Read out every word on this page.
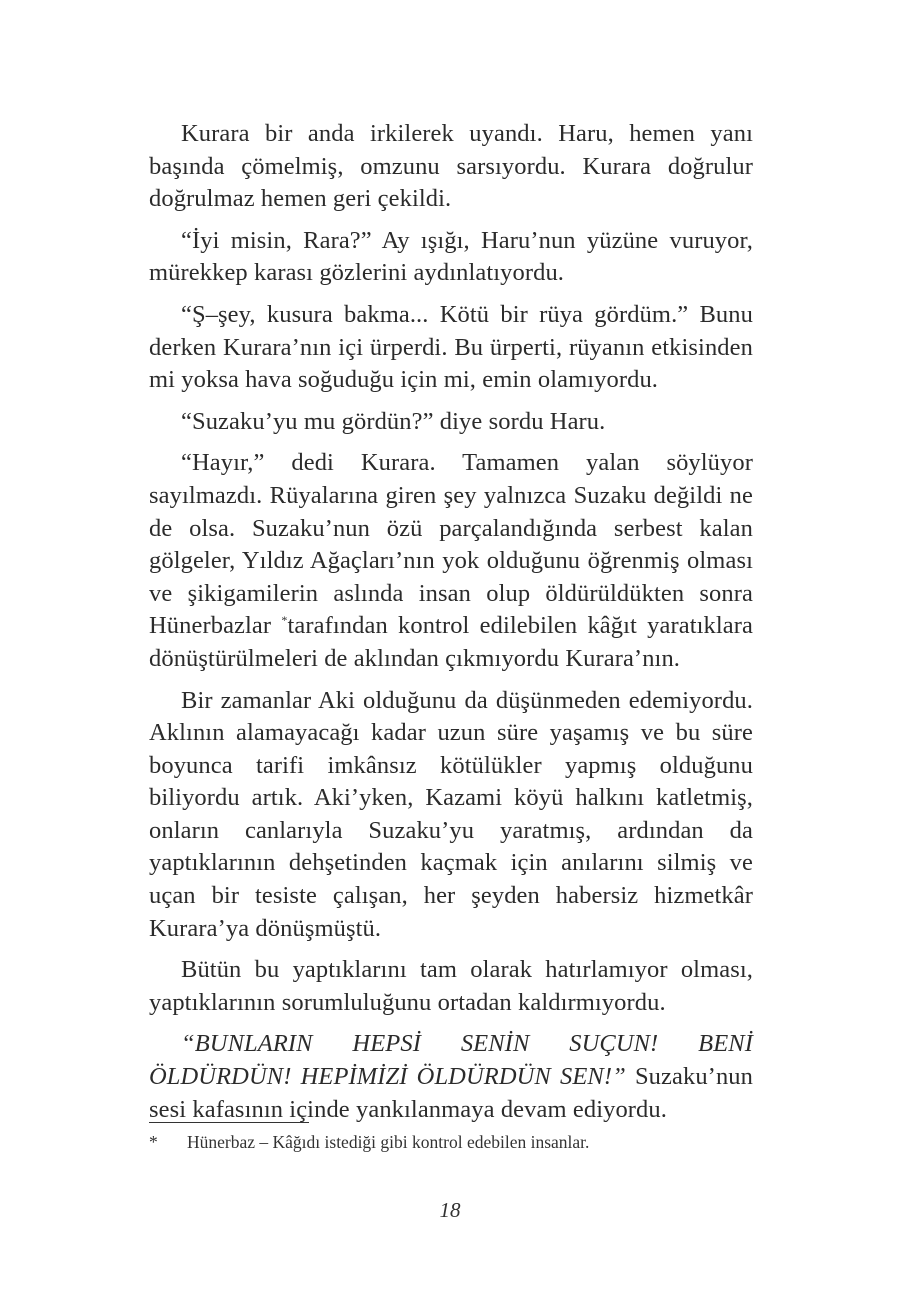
Kurara bir anda irkilerek uyandı. Haru, hemen yanı başında çömelmiş, omzunu sarsıyordu. Kurara doğrulur doğrulmaz hemen geri çekildi.

“İyi misin, Rara?” Ay ışığı, Haru’nun yüzüne vuruyor, mürekkep karası gözlerini aydınlatıyordu.

“Ş–şey, kusura bakma... Kötü bir rüya gördüm.” Bunu derken Kurara’nın içi ürperdi. Bu ürperti, rüyanın etkisinden mi yoksa hava soğuduğu için mi, emin olamıyordu.

“Suzaku’yu mu gördün?” diye sordu Haru.

“Hayır,” dedi Kurara. Tamamen yalan söylüyor sayılmazdı. Rüyalarına giren şey yalnızca Suzaku değildi ne de olsa. Suzaku’nun özü parçalandığında serbest kalan gölgeler, Yıldız Ağaçları’nın yok olduğunu öğrenmiş olması ve şikigamilerin aslında insan olup öldürüldükten sonra Hünerbazlar *tarafından kontrol edilebilen kâğıt yaratıklara dönüştürülmeleri de aklından çıkmıyordu Kurara’nın.

Bir zamanlar Aki olduğunu da düşünmeden edemiyordu. Aklının alamayacağı kadar uzun süre yaşamış ve bu süre boyunca tarifi imkânsız kötülükler yapmış olduğunu biliyordu artık. Aki’yken, Kazami köyü halkını katletmiş, onların canlarıyla Suzaku’yu yaratmış, ardından da yaptıklarının dehşetinden kaçmak için anılarını silmiş ve uçan bir tesiste çalışan, her şeyden habersiz hizmetkâr Kurara’ya dönüşmüştü.

Bütün bu yaptıklarını tam olarak hatırlamıyor olması, yaptıklarının sorumluluğunu ortadan kaldırmıyordu.

“BUNLARIN HEPSİ SENİN SUÇUN! BENİ ÖLDÜRDÜN! HEPİMİZİ ÖLDÜRDÜN SEN!” Suzaku’nun sesi kafasının içinde yankılanmaya devam ediyordu.

* Hünerbaz – Kâğıdı istediği gibi kontrol edebilen insanlar.
18
